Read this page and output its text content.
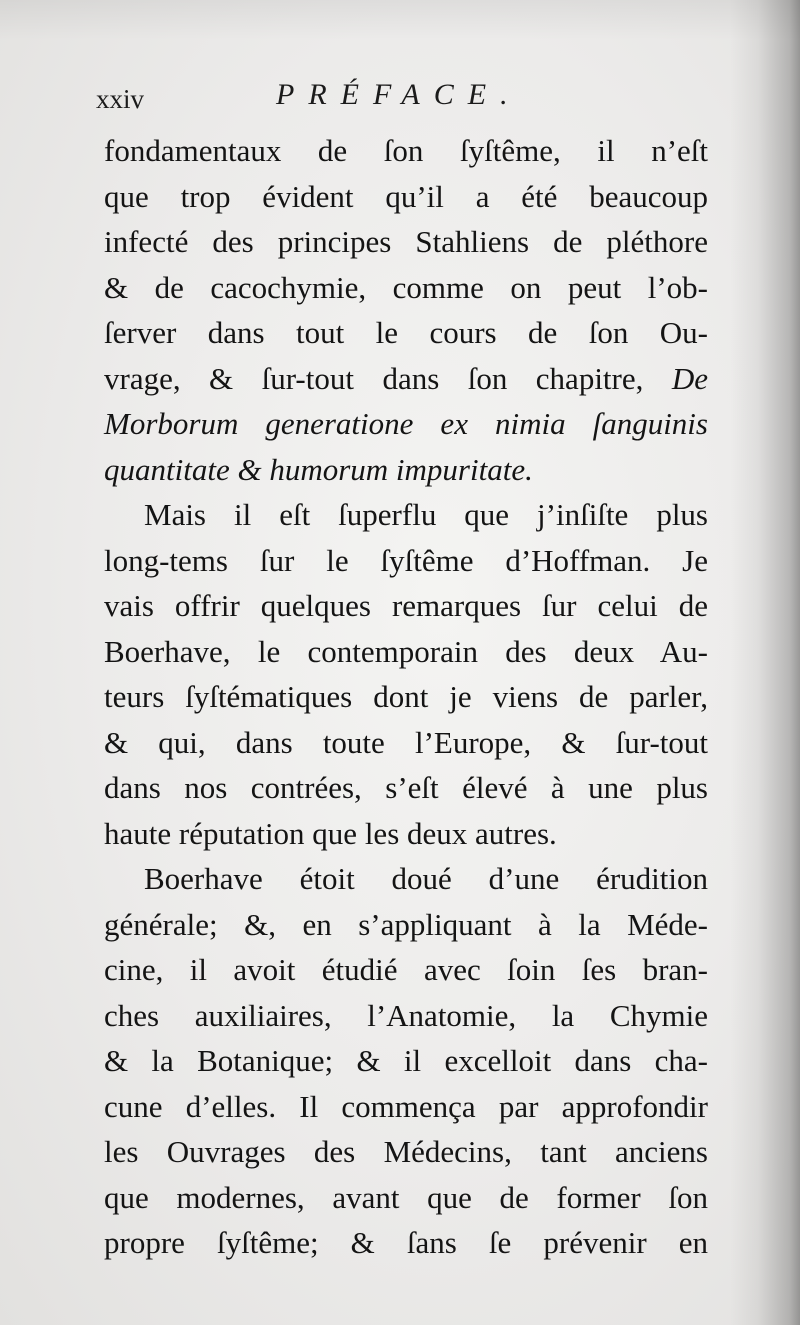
xxiv	PRÉFACE.
fondamentaux de ſon ſyſtême, il n’eſt
que trop évident qu’il a été beaucoup
infecté des principes Stahliens de pléthore
& de cacochymie, comme on peut l’ob-
ſerver dans tout le cours de ſon Ou-
vrage, & ſur-tout dans ſon chapitre, De
Morborum generatione ex nimia ſanguinis
quantitate & humorum impuritate.
Mais il eſt ſuperflu que j’inſiſte plus
long-tems ſur le ſyſtême d’Hoffman. Je
vais offrir quelques remarques ſur celui de
Boerhave, le contemporain des deux Au-
teurs ſyſtématiques dont je viens de parler,
& qui, dans toute l’Europe, & ſur-tout
dans nos contrées, s’eſt élevé à une plus
haute réputation que les deux autres.
Boerhave étoit doué d’une érudition
générale; &, en s’appliquant à la Méde-
cine, il avoit étudié avec ſoin ſes bran-
ches auxiliaires, l’Anatomie, la Chymie
& la Botanique; & il excelloit dans cha-
cune d’elles. Il commença par approfondir
les Ouvrages des Médecins, tant anciens
que modernes, avant que de former ſon
propre ſyſtême; & ſans ſe prévenir en
